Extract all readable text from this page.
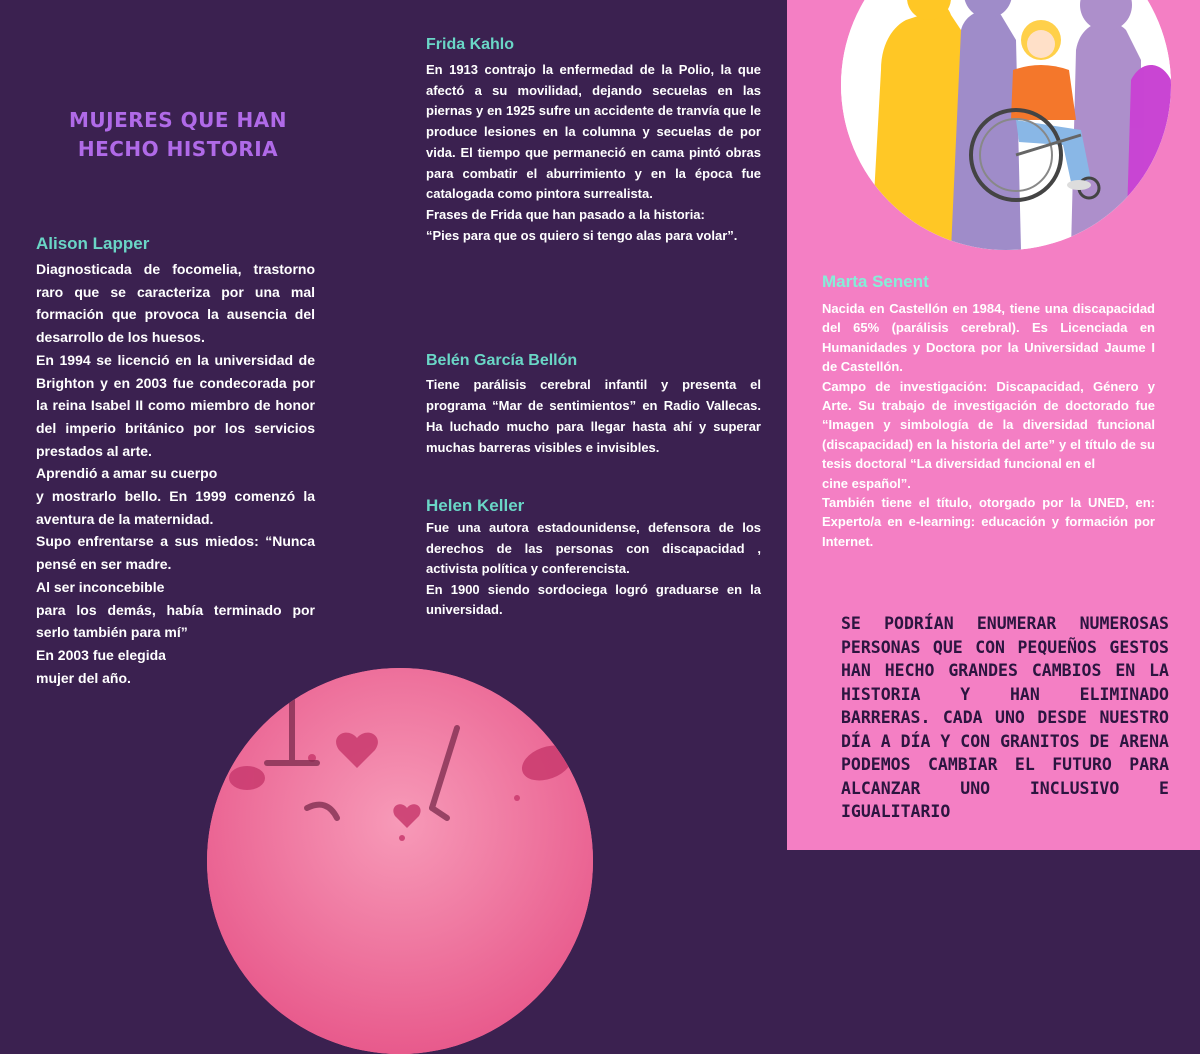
MUJERES QUE HAN HECHO HISTORIA
Alison Lapper

Diagnosticada de focomelia, trastorno raro que se caracteriza por una mal formación que provoca la ausencia del desarrollo de los huesos.

En 1994 se licenció en la universidad de Brighton y en 2003 fue condecorada por la reina Isabel II como miembro de honor del imperio británico por los servicios prestados al arte.

Aprendió a amar su cuerpo

y mostrarlo bello. En 1999 comenzó la aventura de la maternidad.

Supo enfrentarse a sus miedos: “Nunca pensé en ser madre.

Al ser inconcebible

para los demás, había terminado por serlo también para mí”

En 2003 fue elegida

mujer del año.

Frida Kahlo

En 1913 contrajo la enfermedad de la Polio, la que afectó a su movilidad, dejando secuelas en las piernas y en 1925 sufre un accidente de tranvía que le produce lesiones en la columna y secuelas de por vida. El tiempo que permaneció en cama pintó obras para combatir el aburrimiento y en la época fue catalogada como pintora surrealista.

Frases de Frida que han pasado a la historia:

“Pies para que os quiero si tengo alas para volar”.

Belén García Bellón

Tiene parálisis cerebral infantil y presenta el programa “Mar de sentimientos” en Radio Vallecas. Ha luchado mucho para llegar hasta ahí y superar muchas barreras visibles e invisibles.

Helen Keller

Fue una autora estadounidense, defensora de los derechos de las personas con discapacidad , activista política y conferencista.

En 1900 siendo sordociega logró graduarse en la universidad.

Marta Senent

Nacida en Castellón en 1984, tiene una discapacidad del 65% (parálisis cerebral). Es Licenciada en Humanidades y Doctora por la Universidad Jaume I de Castellón.

Campo de investigación: Discapacidad, Género y Arte. Su trabajo de investigación de doctorado fue “Imagen y simbología de la diversidad funcional (discapacidad) en la historia del arte” y el título de su tesis doctoral “La diversidad funcional en el

cine español”.

También tiene el título, otorgado por la UNED, en: Experto/a en e-learning: educación y formación por Internet.

SE PODRÍAN ENUMERAR NUMEROSAS PERSONAS QUE CON PEQUEÑOS GESTOS HAN HECHO GRANDES CAMBIOS EN LA HISTORIA Y HAN ELIMINADO BARRERAS. CADA UNO DESDE NUESTRO DÍA A DÍA Y CON GRANITOS DE ARENA PODEMOS CAMBIAR EL FUTURO PARA ALCANZAR UNO INCLUSIVO E IGUALITARIO
